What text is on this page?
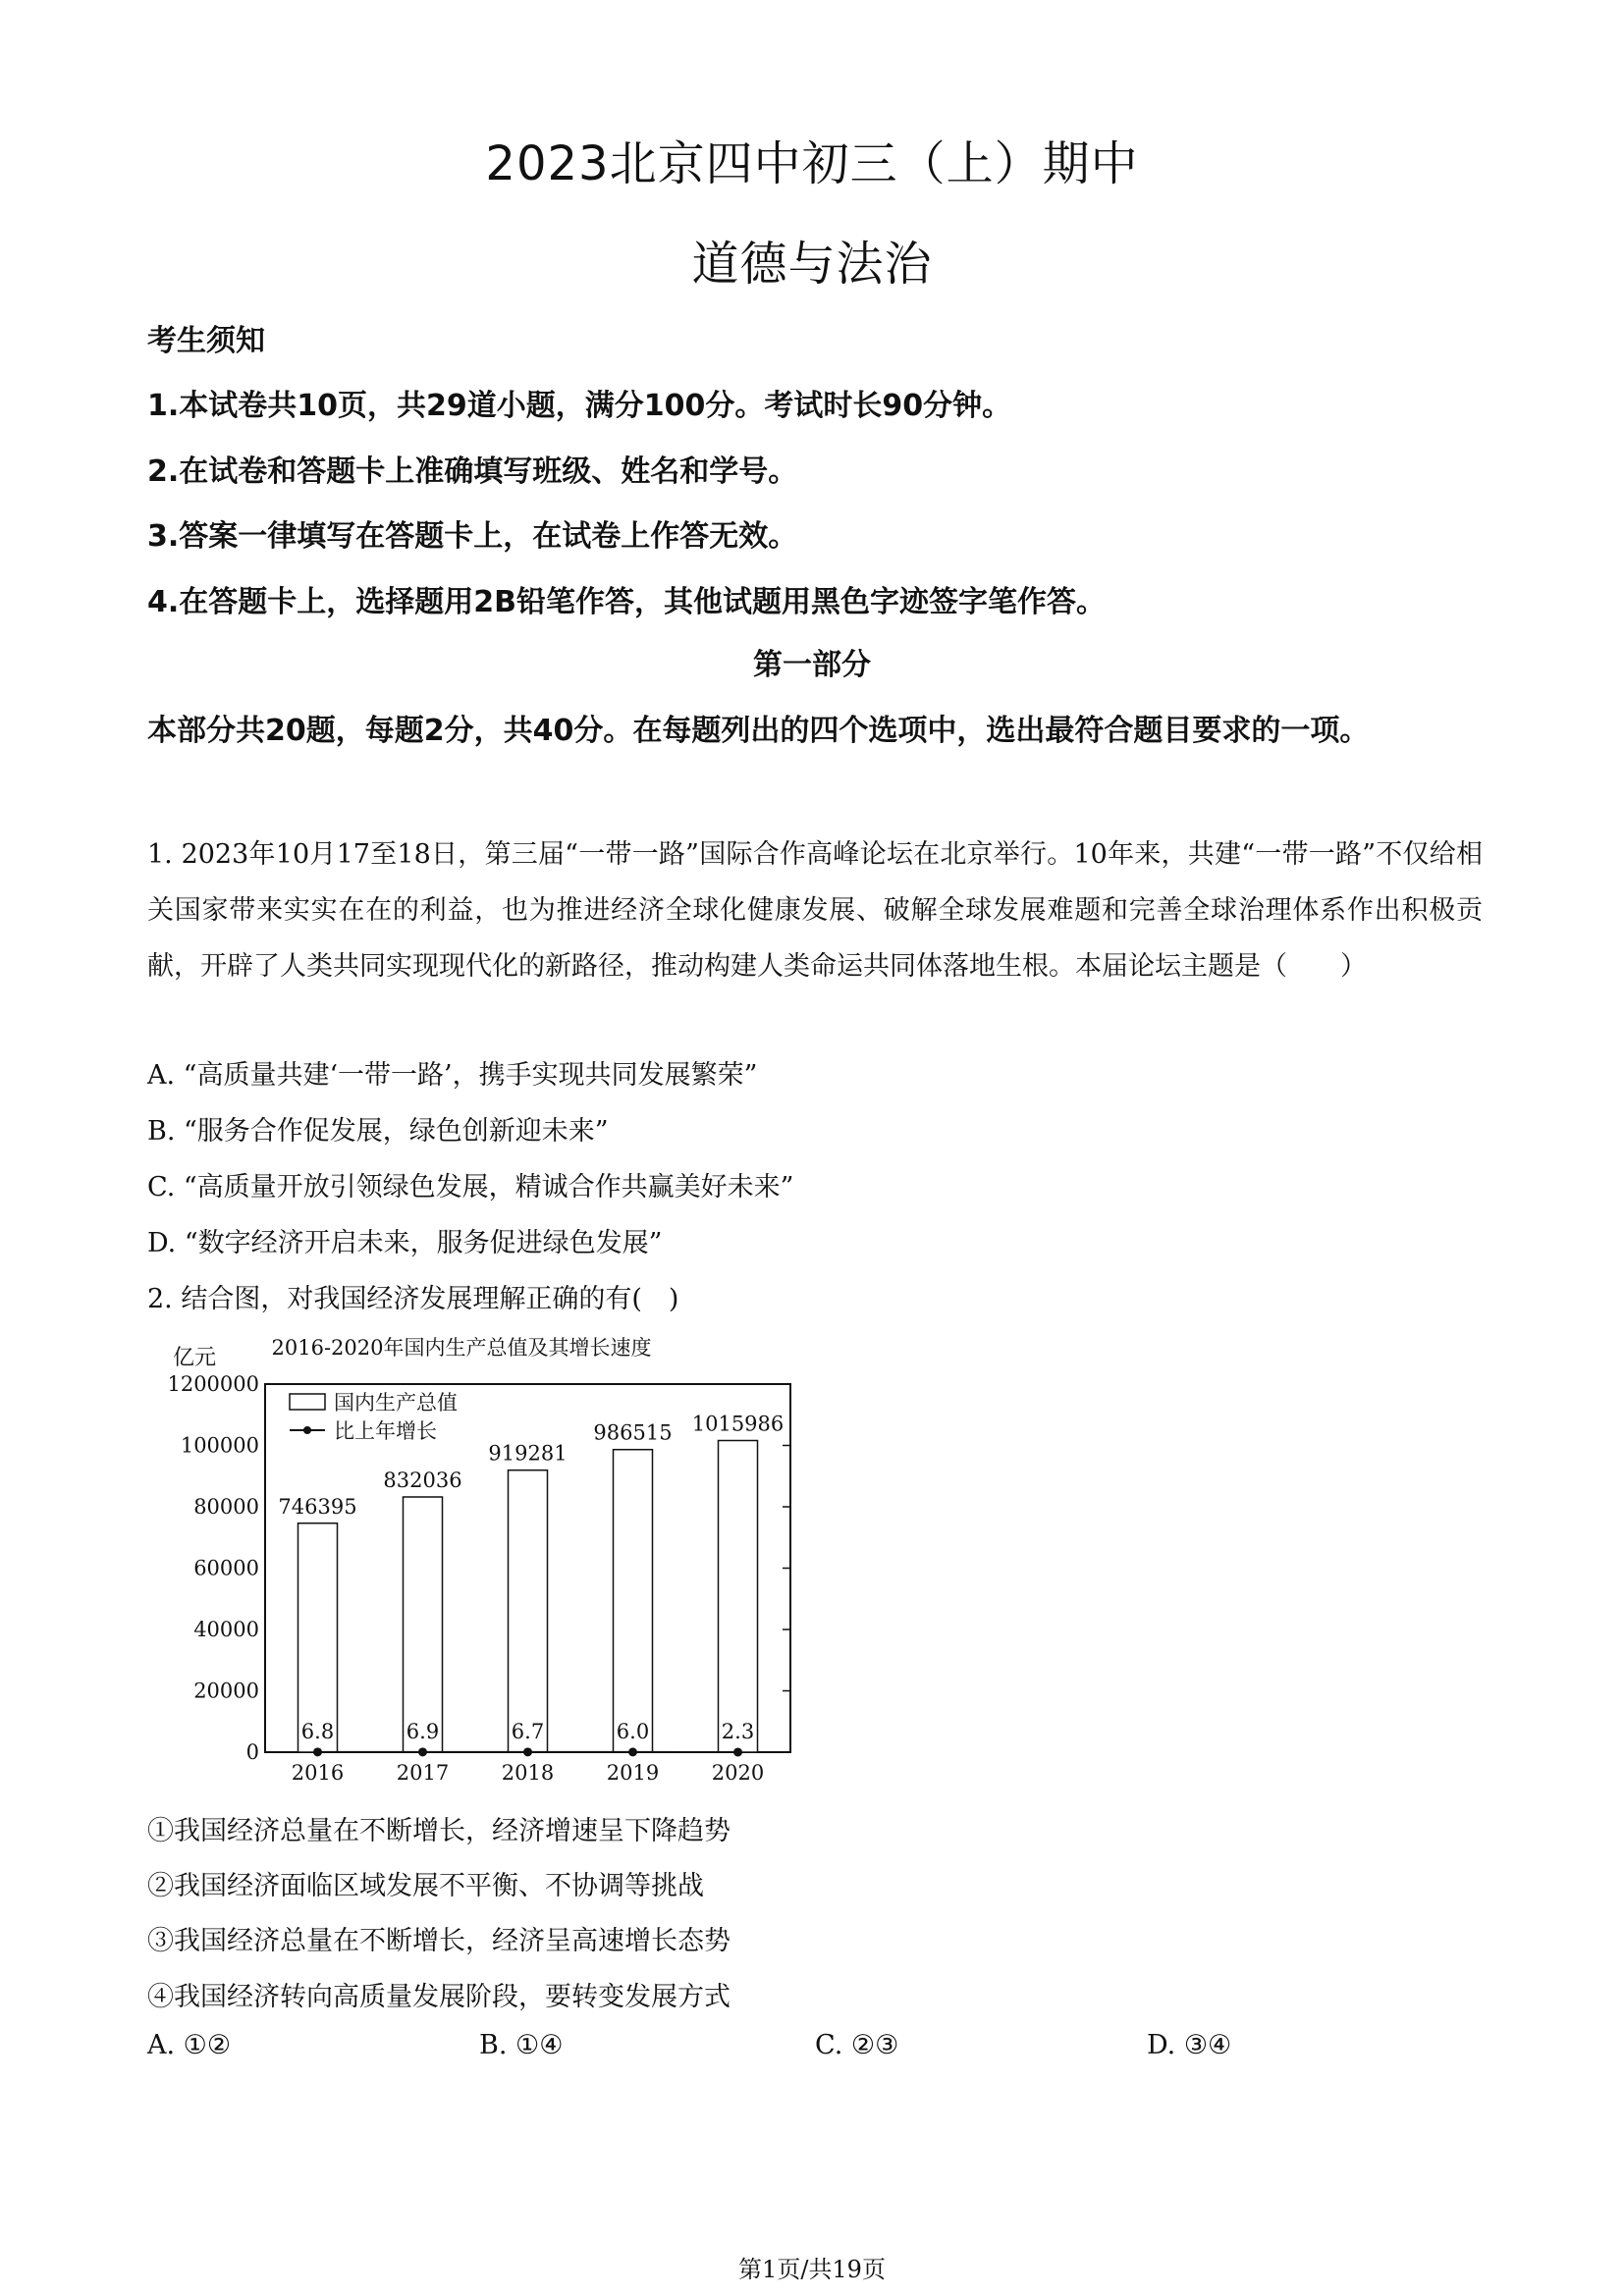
2023北京四中初三（上）期中
道德与法治
考生须知
1.本试卷共10页，共29道小题，满分100分。考试时长90分钟。
2.在试卷和答题卡上准确填写班级、姓名和学号。
3.答案一律填写在答题卡上，在试卷上作答无效。
4.在答题卡上，选择题用2B铅笔作答，其他试题用黑色字迹签字笔作答。
第一部分
本部分共20题，每题2分，共40分。在每题列出的四个选项中，选出最符合题目要求的一项。
1. 2023年10月17至18日，第三届“一带一路”国际合作高峰论坛在北京举行。10年来，共建“一带一路”不仅给相关国家带来实实在在的利益，也为推进经济全球化健康发展、破解全球发展难题和完善全球治理体系作出积极贡献，开辟了人类共同实现现代化的新路径，推动构建人类命运共同体落地生根。本届论坛主题是（　　）
A. “高质量共建‘一带一路’，携手实现共同发展繁荣”
B. “服务合作促发展，绿色创新迎未来”
C. “高质量开放引领绿色发展，精诚合作共赢美好未来”
D. “数字经济开启未来，服务促进绿色发展”
2. 结合图，对我国经济发展理解正确的有(　)
2016-2020年国内生产总值及其增长速度
亿元
1200000
100000
80000
60000
40000
20000
0
746395
832036
919281
986515 1015986
2016	2017	2018	2019	2020
6.8	6.9	6.7	6.0	2.3
国内生产总值
比上年增长
①我国经济总量在不断增长，经济增速呈下降趋势
②我国经济面临区域发展不平衡、不协调等挑战
③我国经济总量在不断增长，经济呈高速增长态势
④我国经济转向高质量发展阶段，要转变发展方式
A. ①②	B. ①④	C. ②③	D. ③④
第1页/共19页
